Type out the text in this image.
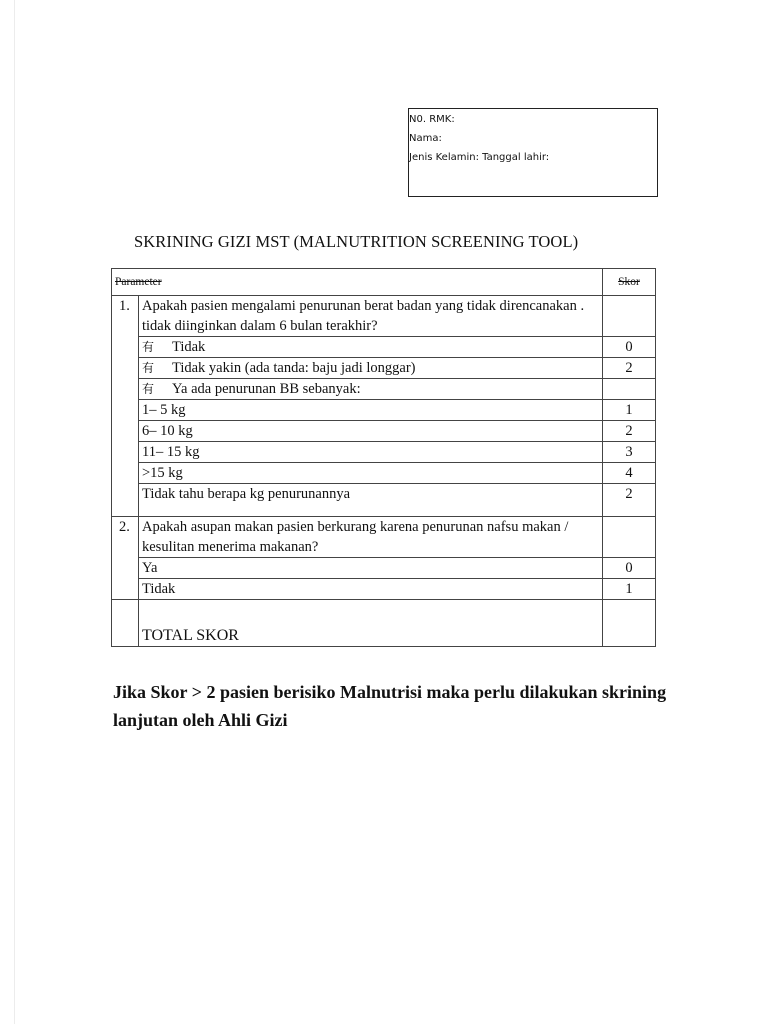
N0. RMK:
Nama:
Jenis Kelamin: Tanggal lahir:
SKRINING GIZI MST (MALNUTRITION SCREENING TOOL)
Parameter		Skor
1.	Apakah pasien mengalami penurunan berat badan yang tidak direncanakan . tidak diinginkan dalam 6 bulan terakhir?	
	有 Tidak	0
	有 Tidak yakin (ada tanda: baju jadi longgar)	2
	有 Ya ada penurunan BB sebanyak:	
	1– 5 kg	1
	6– 10 kg	2
	11– 15 kg	3
	>15 kg	4
	Tidak tahu berapa kg penurunannya	2
2.	Apakah asupan makan pasien berkurang karena penurunan nafsu makan / kesulitan menerima makanan?	
	Ya	0
	Tidak	1
	TOTAL SKOR	
Jika Skor > 2 pasien berisiko Malnutrisi maka perlu dilakukan skrining lanjutan oleh Ahli Gizi
